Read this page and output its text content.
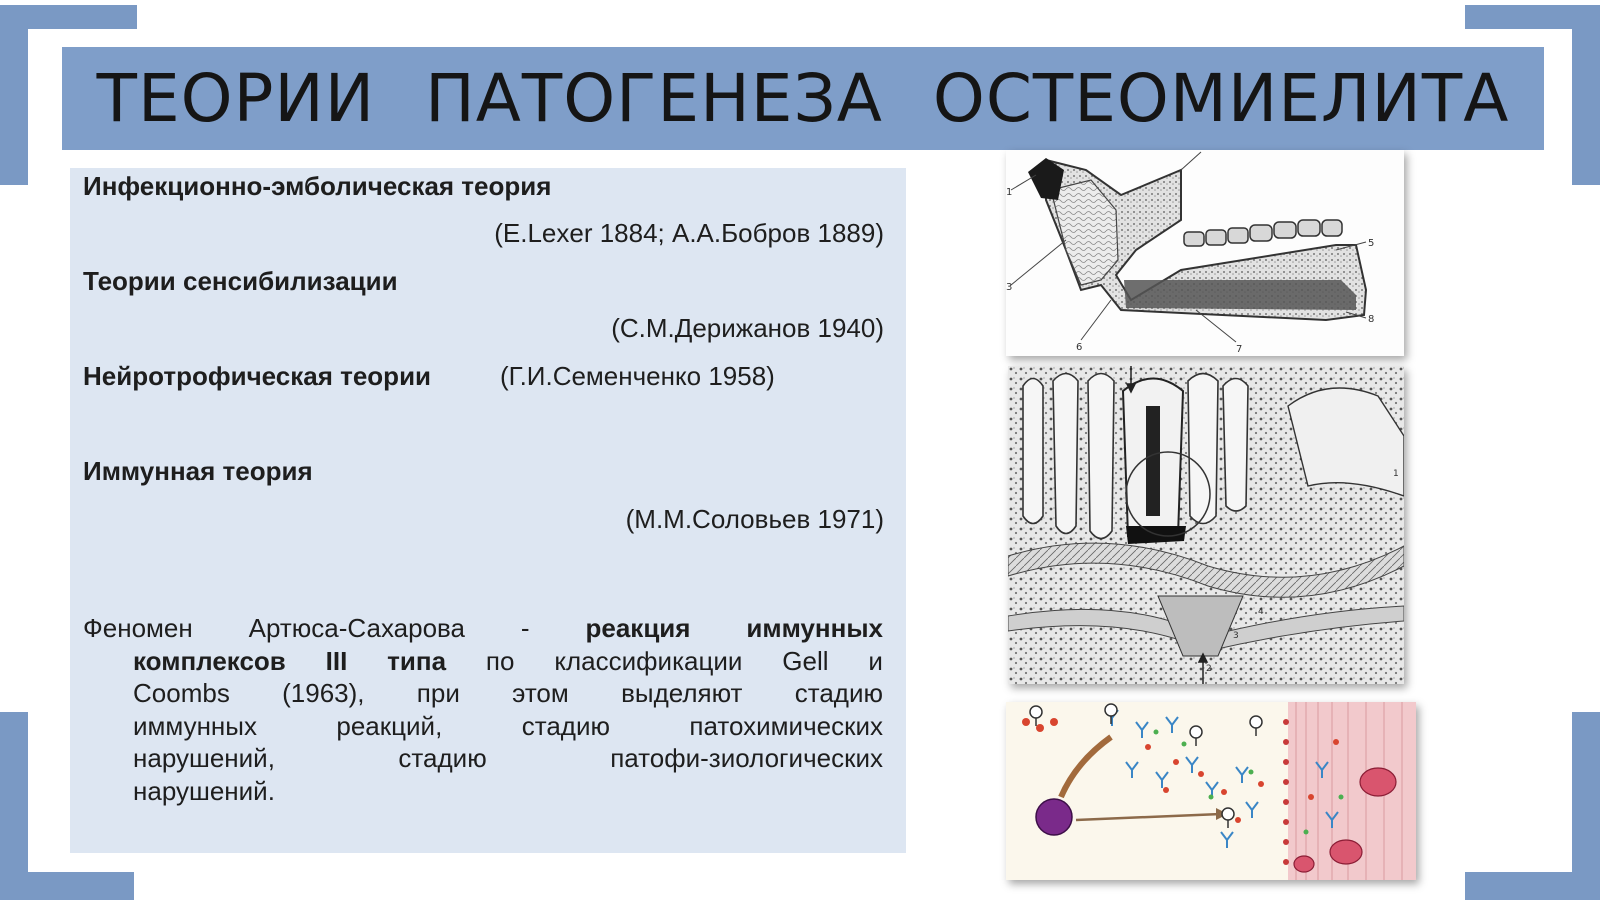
ТЕОРИИ ПАТОГЕНЕЗА ОСТЕОМИЕЛИТА
Инфекционно-эмболическая теория
(E.Lexer 1884; А.А.Бобров 1889)
Теории сенсибилизации
(С.М.Дерижанов 1940)
Нейротрофическая теории	(Г.И.Семенченко 1958)
Иммунная теория
(М.М.Соловьев 1971)
Феномен Артюса-Сахарова - реакция иммунных
комплексов III типа по классификации Gell и
Coombs (1963), при этом выделяют стадию
иммунных	реакций,	стадию	патохимических
нарушений,	стадию	патофи-зиологических
нарушений.
1
3
5
6	7
8
1
2
3
4
